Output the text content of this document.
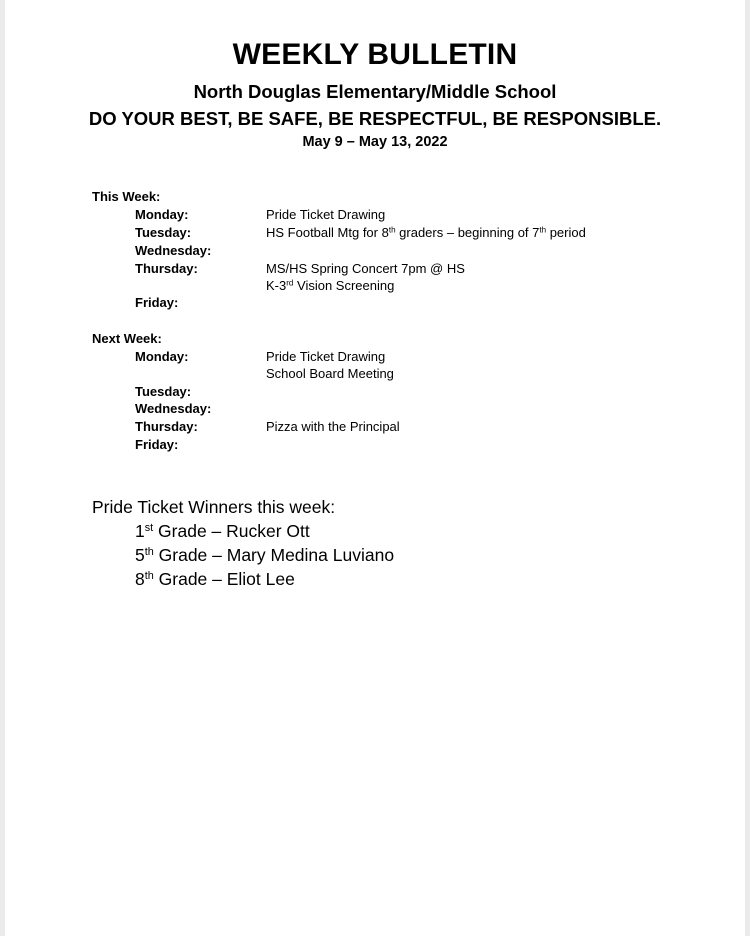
WEEKLY BULLETIN
North Douglas Elementary/Middle School
DO YOUR BEST, BE SAFE, BE RESPECTFUL, BE RESPONSIBLE.
May 9 – May 13, 2022
This Week:
Monday:	Pride Ticket Drawing
Tuesday:	HS Football Mtg for 8th graders – beginning of 7th period
Wednesday:
Thursday:	MS/HS Spring Concert 7pm @ HS
K-3rd Vision Screening
Friday:
Next Week:
Monday:	Pride Ticket Drawing
School Board Meeting
Tuesday:
Wednesday:
Thursday:	Pizza with the Principal
Friday:
Pride Ticket Winners this week:
1st Grade – Rucker Ott
5th Grade – Mary Medina Luviano
8th Grade – Eliot Lee
